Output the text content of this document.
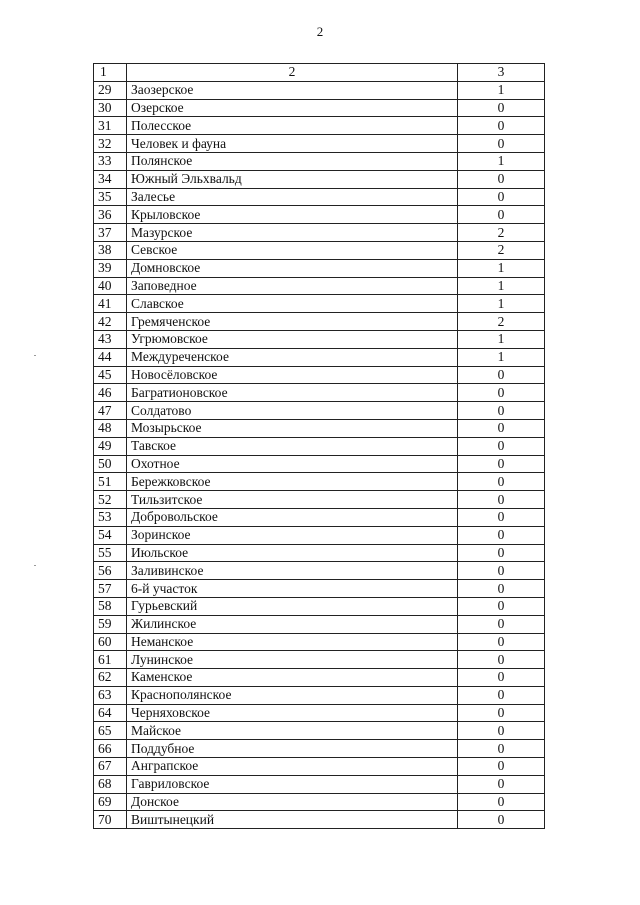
2
1	2	3
29	Заозерское	1
30	Озерское	0
31	Полесское	0
32	Человек и фауна	0
33	Полянское	1
34	Южный Эльхвальд	0
35	Залесье	0
36	Крыловское	0
37	Мазурское	2
38	Севское	2
39	Домновское	1
40	Заповедное	1
41	Славское	1
42	Гремяченское	2
43	Угрюмовское	1
44	Междуреченское	1
45	Новосёловское	0
46	Багратионовское	0
47	Солдатово	0
48	Мозырьское	0
49	Тавское	0
50	Охотное	0
51	Бережковское	0
52	Тильзитское	0
53	Добровольское	0
54	Зоринское	0
55	Июльское	0
56	Заливинское	0
57	6-й участок	0
58	Гурьевский	0
59	Жилинское	0
60	Неманское	0
61	Лунинское	0
62	Каменское	0
63	Краснополянское	0
64	Черняховское	0
65	Майское	0
66	Поддубное	0
67	Ангрaпское	0
68	Гавриловское	0
69	Донское	0
70	Виштынецкий	0
